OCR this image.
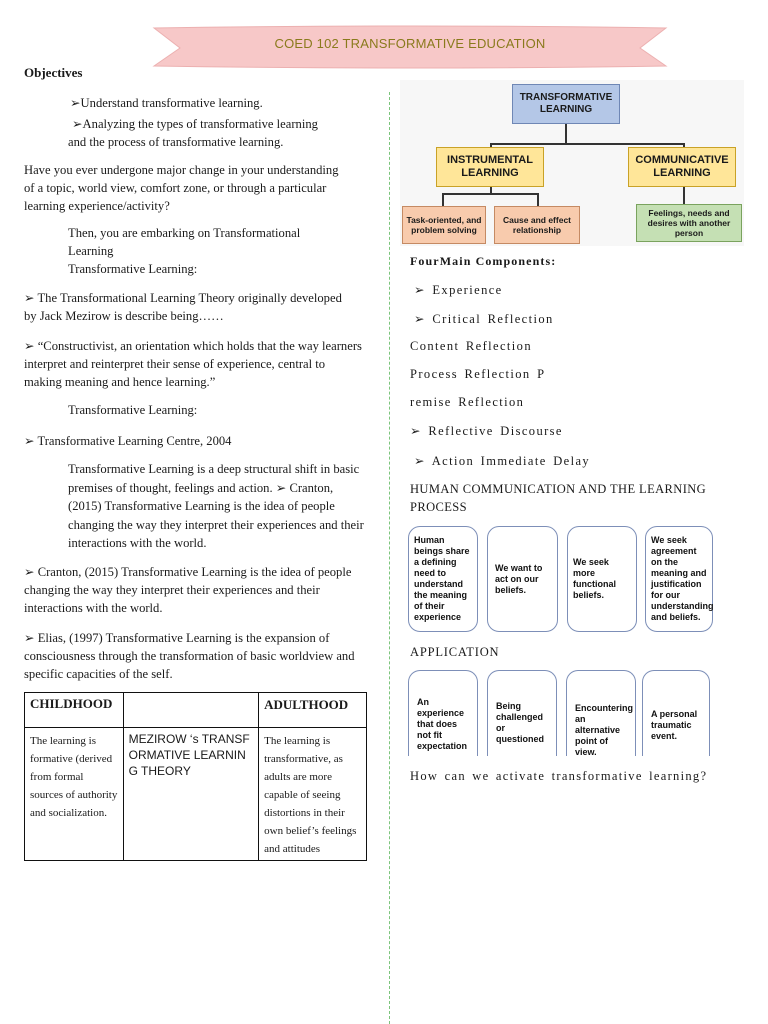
COED 102 TRANSFORMATIVE EDUCATION
Objectives
➢Understand transformative learning.
➢Analyzing the types of transformative learning
and the process of transformative learning.

Have you ever undergone major change in your understanding of a topic, world view, comfort zone, or through a particular learning experience/activity?

Then, you are embarking on Transformational Learning

Transformative Learning:

➢ The Transformational Learning Theory originally developed by Jack Mezirow is describe being……

➢ “Constructivist, an orientation which holds that the way learners interpret and reinterpret their sense of experience, central to making meaning and hence learning.”

Transformative Learning:
➢ Transformative Learning Centre, 2004

Transformative Learning is a deep structural shift in basic premises of thought, feelings and action. ➢ Cranton, (2015) Transformative Learning is the idea of people changing the way they interpret their experiences and their interactions with the world.

➢ Cranton, (2015) Transformative Learning is the idea of people changing the way they interpret their experiences and their interactions with the world.

➢ Elias, (1997) Transformative Learning is the expansion of consciousness through the transformation of basic worldview and specific capacities of the self.

CHILDHOOD		ADULTHOOD
The learning is formative (derived from formal sources of authority and socialization.	MEZIROW ‘s TRANSFORMATIVE LEARNING THEORY	The learning is transformative, as adults are more capable of seeing distortions in their own belief’s feelings and attitudes
TRANSFORMATIVE LEARNING
INSTRUMENTAL LEARNING
COMMUNICATIVE LEARNING
Task-oriented, and problem solving
Cause and effect relationship
Feelings, needs and desires with another person
FourMain Components:
➢ Experience
➢ Critical Reflection
Content Reflection
Process Reflection P
remise Reflection
➢ Reflective Discourse
➢ Action Immediate Delay
HUMAN COMMUNICATION AND THE LEARNING PROCESS
Human beings share a defining need to understand the meaning of their experience
We want to act on our beliefs.
We seek more functional beliefs.
We seek agreement on the meaning and justification for our understanding and beliefs.
APPLICATION
An experience that does not fit expectation
Being challenged or questioned
Encountering an alternative point of view.
A personal traumatic event.
How can we activate transformative learning?
